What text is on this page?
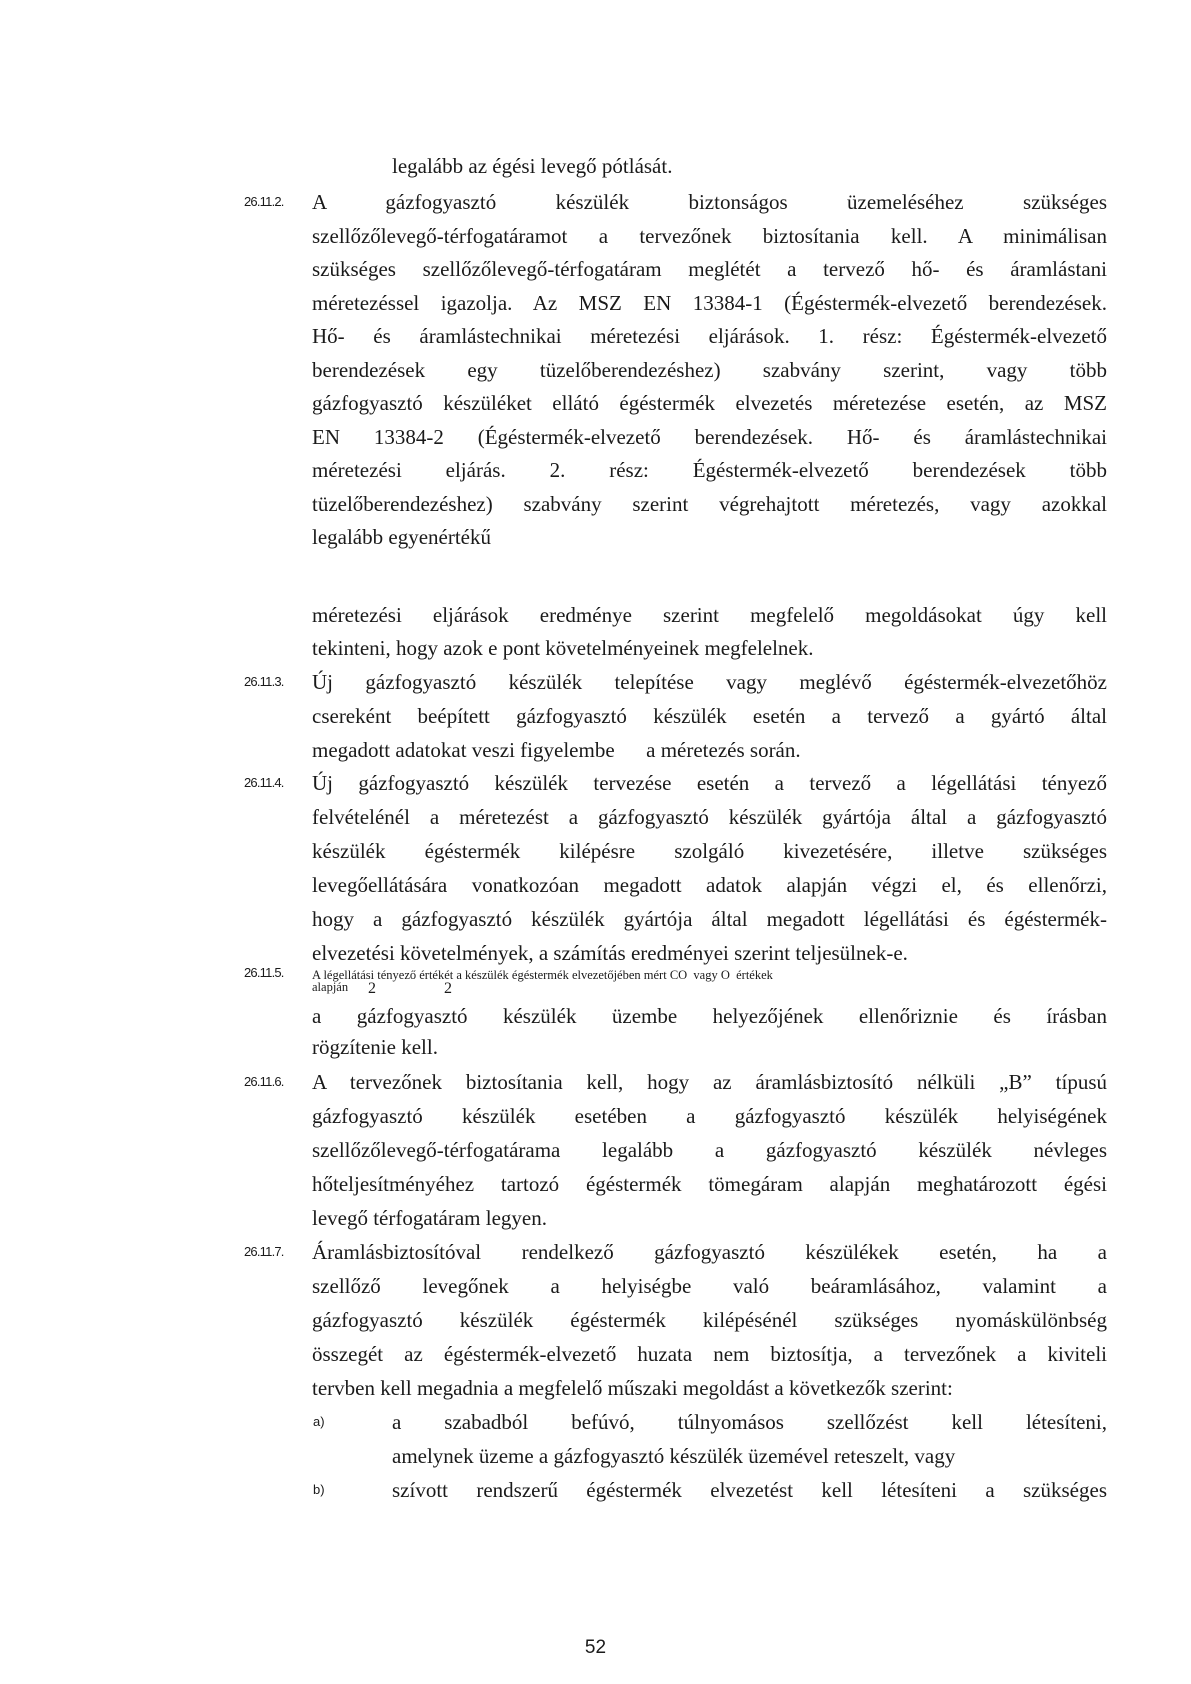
legalább az égési levegő pótlását.
26.11.2. A gázfogyasztó készülék biztonságos üzemeléséhez szükséges
szellőzőlevegő-térfogatáramot a tervezőnek biztosítania kell. A minimálisan
szükséges szellőzőlevegő-térfogatáram meglétét a tervező hő- és áramlástani
méretezéssel igazolja. Az MSZ EN 13384-1 (Égéstermék-elvezető berendezések.
Hő- és áramlástechnikai méretezési eljárások. 1. rész: Égéstermék-elvezető
berendezések egy tüzelőberendezéshez) szabvány szerint, vagy több
gázfogyasztó készüléket ellátó égéstermék elvezetés méretezése esetén, az MSZ
EN 13384-2 (Égéstermék-elvezető berendezések. Hő- és áramlástechnikai
méretezési eljárás. 2. rész: Égéstermék-elvezető berendezések több
tüzelőberendezéshez) szabvány szerint végrehajtott méretezés, vagy azokkal
legalább egyenértékű
méretezési eljárások eredménye szerint megfelelő megoldásokat úgy kell
tekinteni, hogy azok e pont követelményeinek megfelelnek.
26.11.3. Új gázfogyasztó készülék telepítése vagy meglévő égéstermék-elvezetőhöz
csereként beépített gázfogyasztó készülék esetén a tervező a gyártó által
megadott adatokat veszi figyelembe      a méretezés során.
26.11.4. Új gázfogyasztó készülék tervezése esetén a tervező a légellátási tényező
felvételénél a méretezést a gázfogyasztó készülék gyártója által a gázfogyasztó
készülék égéstermék kilépésre szolgáló kivezetésére, illetve szükséges
levegőellátására vonatkozóan megadott adatok alapján végzi el, és ellenőrzi,
hogy a gázfogyasztó készülék gyártója által megadott légellátási és égéstermék-
elvezetési követelmények, a számítás eredményei szerint teljesülnek-e.
26.11.5. A légellátási tényező értékét a készülék égéstermék elvezetőjében mért CO  vagy O  értékek
alapján 2	2
a gázfogyasztó készülék üzembe helyezőjének ellenőriznie és írásban
rögzítenie kell.
26.11.6. A tervezőnek biztosítania kell, hogy az áramlásbiztosító nélküli „B” típusú
gázfogyasztó készülék esetében a gázfogyasztó készülék helyiségének
szellőzőlevegő-térfogatárama legalább a gázfogyasztó készülék névleges
hőteljesítményéhez tartozó égéstermék tömegáram alapján meghatározott égési
levegő térfogatáram legyen.
26.11.7. Áramlásbiztosítóval rendelkező gázfogyasztó készülékek esetén, ha a
szellőző levegőnek a helyiségbe való beáramlásához, valamint a
gázfogyasztó készülék égéstermék kilépésénél szükséges nyomáskülönbség
összegét az égéstermék-elvezető huzata nem biztosítja, a tervezőnek a kiviteli
tervben kell megadnia a megfelelő műszaki megoldást a következők szerint:
a)	a szabadból befúvó, túlnyomásos szellőzést kell létesíteni,
amelynek üzeme a gázfogyasztó készülék üzemével reteszelt, vagy
b)	szívott rendszerű égéstermék elvezetést kell létesíteni a szükséges
52
